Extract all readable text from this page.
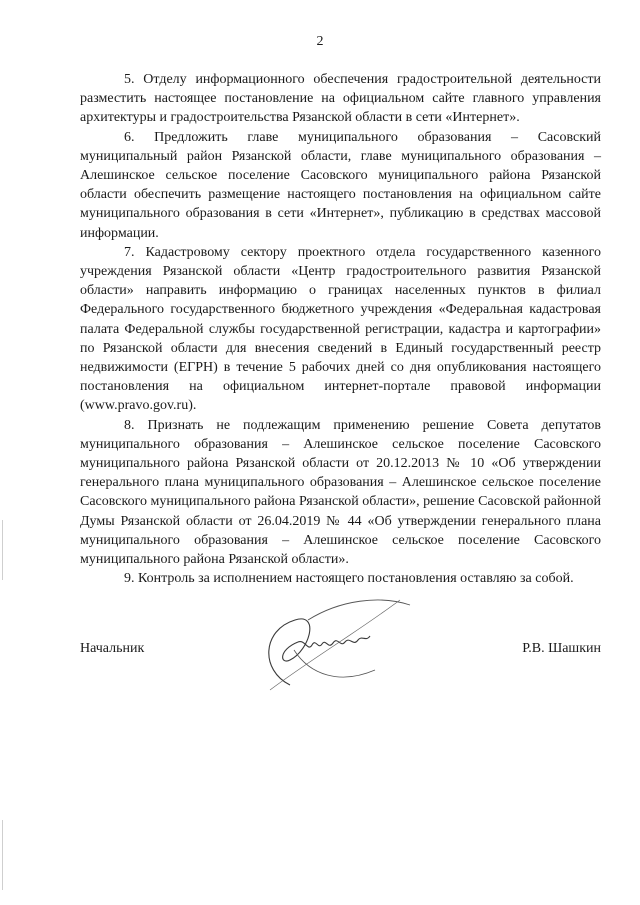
2

5. Отделу информационного обеспечения градостроительной деятельности разместить настоящее постановление на официальном сайте главного управления архитектуры и градостроительства Рязанской области в сети «Интернет».

6. Предложить главе муниципального образования – Сасовский муниципальный район Рязанской области, главе муниципального образования – Алешинское сельское поселение Сасовского муниципального района Рязанской области обеспечить размещение настоящего постановления на официальном сайте муниципального образования в сети «Интернет», публикацию в средствах массовой информации.

7. Кадастровому сектору проектного отдела государственного казенного учреждения Рязанской области «Центр градостроительного развития Рязанской области» направить информацию о границах населенных пунктов в филиал Федерального государственного бюджетного учреждения «Федеральная кадастровая палата Федеральной службы государственной регистрации, кадастра и картографии» по Рязанской области для внесения сведений в Единый государственный реестр недвижимости (ЕГРН) в течение 5 рабочих дней со дня опубликования настоящего постановления на официальном интернет-портале правовой информации (www.pravo.gov.ru).

8. Признать не подлежащим применению решение Совета депутатов муниципального образования – Алешинское сельское поселение Сасовского муниципального района Рязанской области от 20.12.2013 № 10 «Об утверждении генерального плана муниципального образования – Алешинское сельское поселение Сасовского муниципального района Рязанской области», решение Сасовской районной Думы Рязанской области от 26.04.2019 № 44 «Об утверждении генерального плана муниципального образования – Алешинское сельское поселение Сасовского муниципального района Рязанской области».

9. Контроль за исполнением настоящего постановления оставляю за собой.

Начальник	Р.В. Шашкин
